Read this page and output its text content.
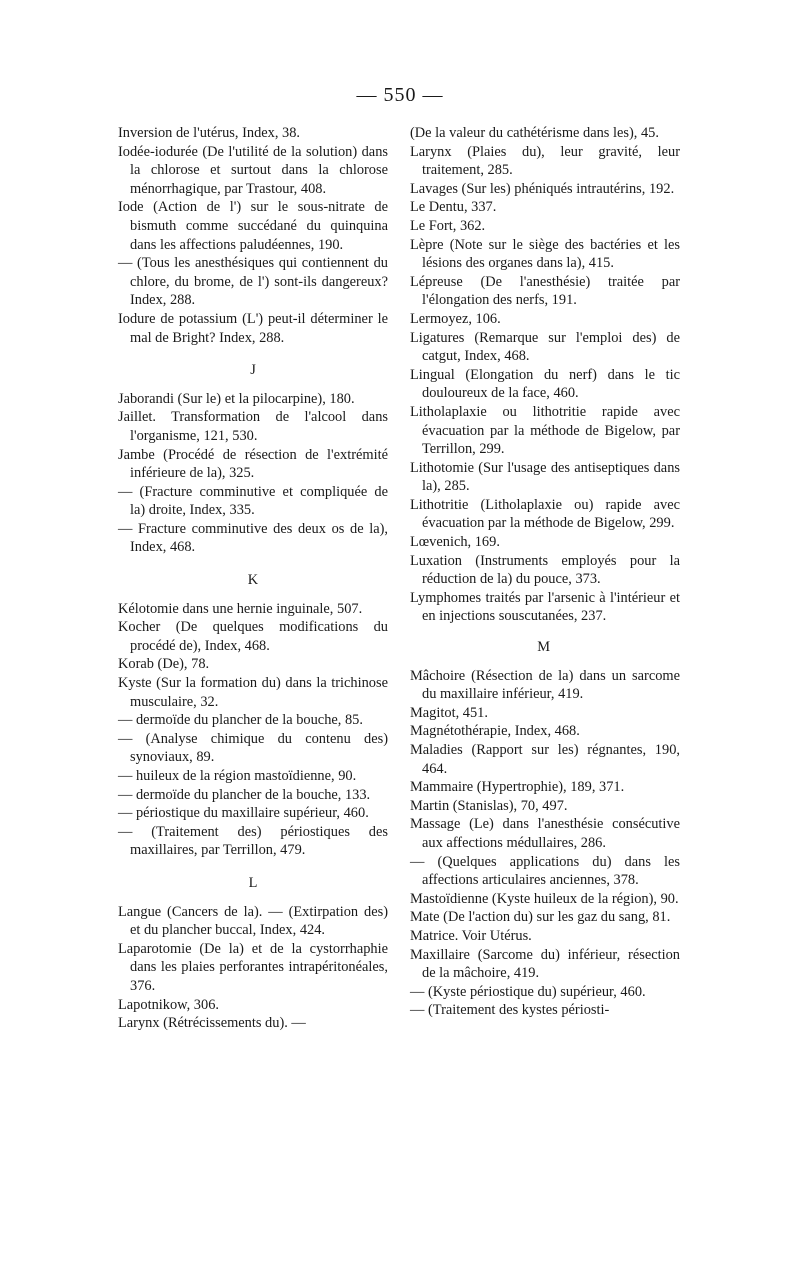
— 550 —
Inversion de l'utérus, Index, 38.
Iodée-iodurée (De l'utilité de la solution) dans la chlorose et surtout dans la chlorose ménorrhagique, par Trastour, 408.
Iode (Action de l') sur le sous-nitrate de bismuth comme succédané du quinquina dans les affections paludéennes, 190.
— (Tous les anesthésiques qui contiennent du chlore, du brome, de l') sont-ils dangereux? Index, 288.
Iodure de potassium (L') peut-il déterminer le mal de Bright? Index, 288.
J
Jaborandi (Sur le) et la pilocarpine), 180.
Jaillet. Transformation de l'alcool dans l'organisme, 121, 530.
Jambe (Procédé de résection de l'extrémité inférieure de la), 325.
— (Fracture comminutive et compliquée de la) droite, Index, 335.
— Fracture comminutive des deux os de la), Index, 468.
K
Kélotomie dans une hernie inguinale, 507.
Kocher (De quelques modifications du procédé de), Index, 468.
Korab (De), 78.
Kyste (Sur la formation du) dans la trichinose musculaire, 32.
— dermoïde du plancher de la bouche, 85.
— (Analyse chimique du contenu des) synoviaux, 89.
— huileux de la région mastoïdienne, 90.
— dermoïde du plancher de la bouche, 133.
— périostique du maxillaire supérieur, 460.
— (Traitement des) périostiques des maxillaires, par Terrillon, 479.
L
Langue (Cancers de la). — (Extirpation des) et du plancher buccal, Index, 424.
Laparotomie (De la) et de la cystorrhaphie dans les plaies perforantes intrapéritonéales, 376.
Lapotnikow, 306.
Larynx (Rétrécissements du). —
(De la valeur du cathétérisme dans les), 45.
Larynx (Plaies du), leur gravité, leur traitement, 285.
Lavages (Sur les) phéniqués intrautérins, 192.
Le Dentu, 337.
Le Fort, 362.
Lèpre (Note sur le siège des bactéries et les lésions des organes dans la), 415.
Lépreuse (De l'anesthésie) traitée par l'élongation des nerfs, 191.
Lermoyez, 106.
Ligatures (Remarque sur l'emploi des) de catgut, Index, 468.
Lingual (Elongation du nerf) dans le tic douloureux de la face, 460.
Litholaplaxie ou lithotritie rapide avec évacuation par la méthode de Bigelow, par Terrillon, 299.
Lithotomie (Sur l'usage des antiseptiques dans la), 285.
Lithotritie (Litholaplaxie ou) rapide avec évacuation par la méthode de Bigelow, 299.
Lœvenich, 169.
Luxation (Instruments employés pour la réduction de la) du pouce, 373.
Lymphomes traités par l'arsenic à l'intérieur et en injections souscutanées, 237.
M
Mâchoire (Résection de la) dans un sarcome du maxillaire inférieur, 419.
Magitot, 451.
Magnétothérapie, Index, 468.
Maladies (Rapport sur les) régnantes, 190, 464.
Mammaire (Hypertrophie), 189, 371.
Martin (Stanislas), 70, 497.
Massage (Le) dans l'anesthésie consécutive aux affections médullaires, 286.
— (Quelques applications du) dans les affections articulaires anciennes, 378.
Mastoïdienne (Kyste huileux de la région), 90.
Mate (De l'action du) sur les gaz du sang, 81.
Matrice. Voir Utérus.
Maxillaire (Sarcome du) inférieur, résection de la mâchoire, 419.
— (Kyste périostique du) supérieur, 460.
— (Traitement des kystes périosti-
